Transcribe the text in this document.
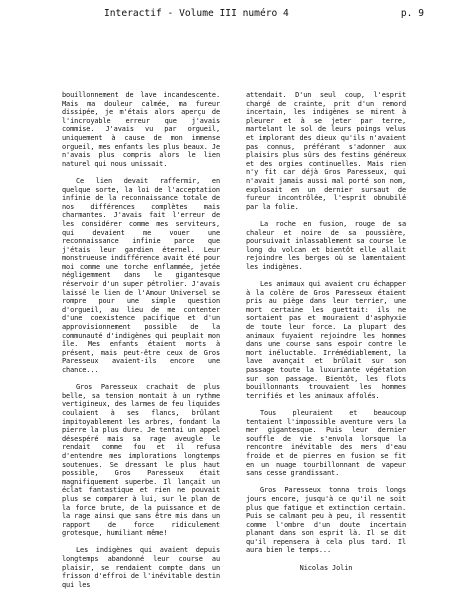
Interactif - Volume III numéro 4	p. 9

bouillonnement de lave incandescente. Mais ma douleur calmée, ma fureur dissipée, je m'étais alors aperçu de l'incroyable erreur que j'avais commise. J'avais vu par orgueil, uniquement à cause de mon immense orgueil, mes enfants les plus beaux. Je n'avais plus compris alors le lien naturel qui nous unissait.

Ce lien devait raffermir, en quelque sorte, la loi de l'acceptation infinie de la reconnaissance totale de nos différences complètes mais charmantes. J'avais fait l'erreur de les considérer comme mes serviteurs, qui devaient me vouer une reconnaissance infinie parce que j'étais leur gardien éternel. Leur monstrueuse indifférence avait été pour moi comme une torche enflammée, jetée négligemment dans le gigantesque réservoir d'un super pétrolier. J'avais laissé le lien de l'Amour Universel se rompre pour une simple question d'orgueil, au lieu de me contenter d'une coexistence pacifique et d'un approvisionnement possible de la communauté d'indigènes qui peuplait mon île. Mes enfants étaient morts à présent, mais peut-être ceux de Gros Paresseux avaient-ils encore une chance...

Gros Paresseux crachait de plus belle, sa tension montait à un rythme vertigineux, des larmes de feu liquides coulaient à ses flancs, brûlant impitoyablement les arbres, fondant la pierre la plus dure. Je tentai un appel désespéré mais sa rage aveugle le rendait comme fou et il refusa d'entendre mes implorations longtemps soutenues. Se dressant le plus haut possible, Gros Paresseux était magnifiquement superbe. Il lançait un éclat fantastique et rien ne pouvait plus se comparer à lui, sur le plan de la force brute, de la puissance et de la rage ainsi que sans être mis dans un rapport de force ridiculement grotesque, humiliant même!

Les indigènes qui avaient depuis longtemps abandonné leur course au plaisir, se rendaient compte dans un frisson d'effroi de l'inévitable destin qui les

attendait. D'un seul coup, l'esprit chargé de crainte, prit d'un remord incertain, les indigènes se mirent à pleurer et à se jeter par terre, martelant le sol de leurs poings velus et implorant des dieux qu'ils n'avaient pas connus, préférant s'adonner aux plaisirs plus sûrs des festins généreux et des orgies continuelles. Mais rien n'y fit car déjà Gros Paresseux, qui n'avait jamais aussi mal porté son nom, explosait en un dernier sursaut de fureur incontrôlée, l'esprit obnubilé par la folie.

La roche en fusion, rouge de sa chaleur et noire de sa poussière, poursuivait inlassablement sa course le long du volcan et bientôt elle allait rejoindre les berges où se lamentaient les indigènes.

Les animaux qui avaient cru échapper à la colère de Gros Paresseux étaient pris au piège dans leur terrier, une mort certaine les guettait: ils ne sortaient pas et mouraient d'asphyxie de toute leur force. La plupart des animaux fuyaient rejoindre les hommes dans une course sans espoir contre le mort inéluctable. Irrémédiablement, la lave avançait et brûlait sur son passage toute la luxuriante végétation sur son passage. Bientôt, les flots bouillonnants trouvaient les hommes terrifiés et les animaux affolés.

Tous pleuraient et beaucoup tentaient l'impossible aventure vers la mer gigantesque. Puis leur dernier souffle de vie s'envola lorsque la rencontre inévitable des mers d'eau froide et de pierres en fusion se fit en un nuage tourbillonnant de vapeur sans cesse grandissant.

Gros Paresseux tonna trois longs jours encore, jusqu'à ce qu'il ne soit plus que fatigue et extinction certain. Puis se calmant peu à peu, il ressentit comme l'ombre d'un doute incertain planant dans son esprit là. Il se dit qu'il repensera à cela plus tard. Il aura bien le temps...

Nicolas Jolin
